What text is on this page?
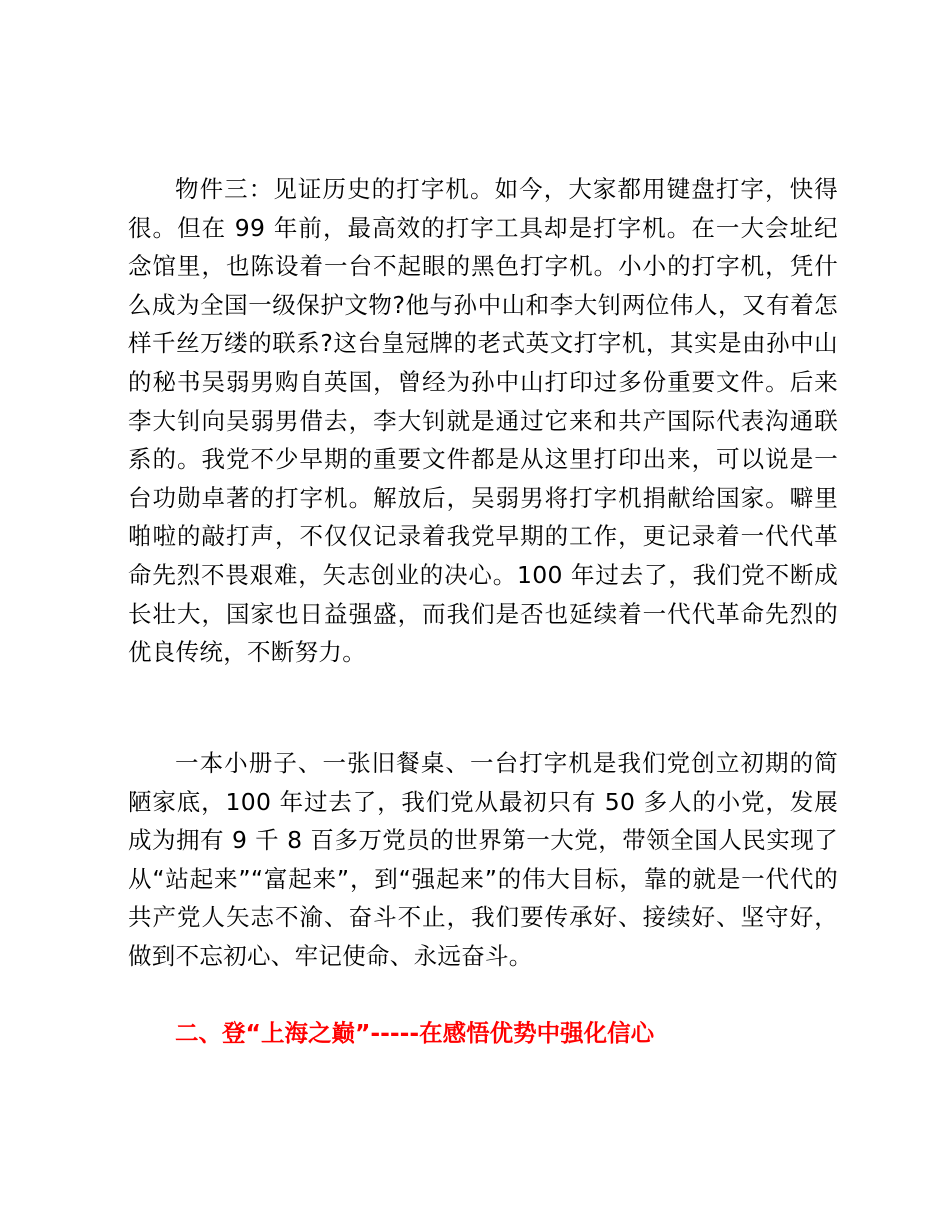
物件三：见证历史的打字机。如今，大家都用键盘打字，快得很。但在 99 年前，最高效的打字工具却是打字机。在一大会址纪念馆里，也陈设着一台不起眼的黑色打字机。小小的打字机，凭什么成为全国一级保护文物?他与孙中山和李大钊两位伟人，又有着怎样千丝万缕的联系?这台皇冠牌的老式英文打字机，其实是由孙中山的秘书吴弱男购自英国，曾经为孙中山打印过多份重要文件。后来李大钊向吴弱男借去，李大钊就是通过它来和共产国际代表沟通联系的。我党不少早期的重要文件都是从这里打印出来，可以说是一台功勋卓著的打字机。解放后，吴弱男将打字机捐献给国家。噼里啪啦的敲打声，不仅仅记录着我党早期的工作，更记录着一代代革命先烈不畏艰难，矢志创业的决心。100 年过去了，我们党不断成长壮大，国家也日益强盛，而我们是否也延续着一代代革命先烈的优良传统，不断努力。

一本小册子、一张旧餐桌、一台打字机是我们党创立初期的简陋家底，100 年过去了，我们党从最初只有 50 多人的小党，发展成为拥有 9 千 8 百多万党员的世界第一大党，带领全国人民实现了从“站起来”“富起来”，到“强起来”的伟大目标，靠的就是一代代的共产党人矢志不渝、奋斗不止，我们要传承好、接续好、坚守好，做到不忘初心、牢记使命、永远奋斗。

二、登“上海之巅”-----在感悟优势中强化信心
